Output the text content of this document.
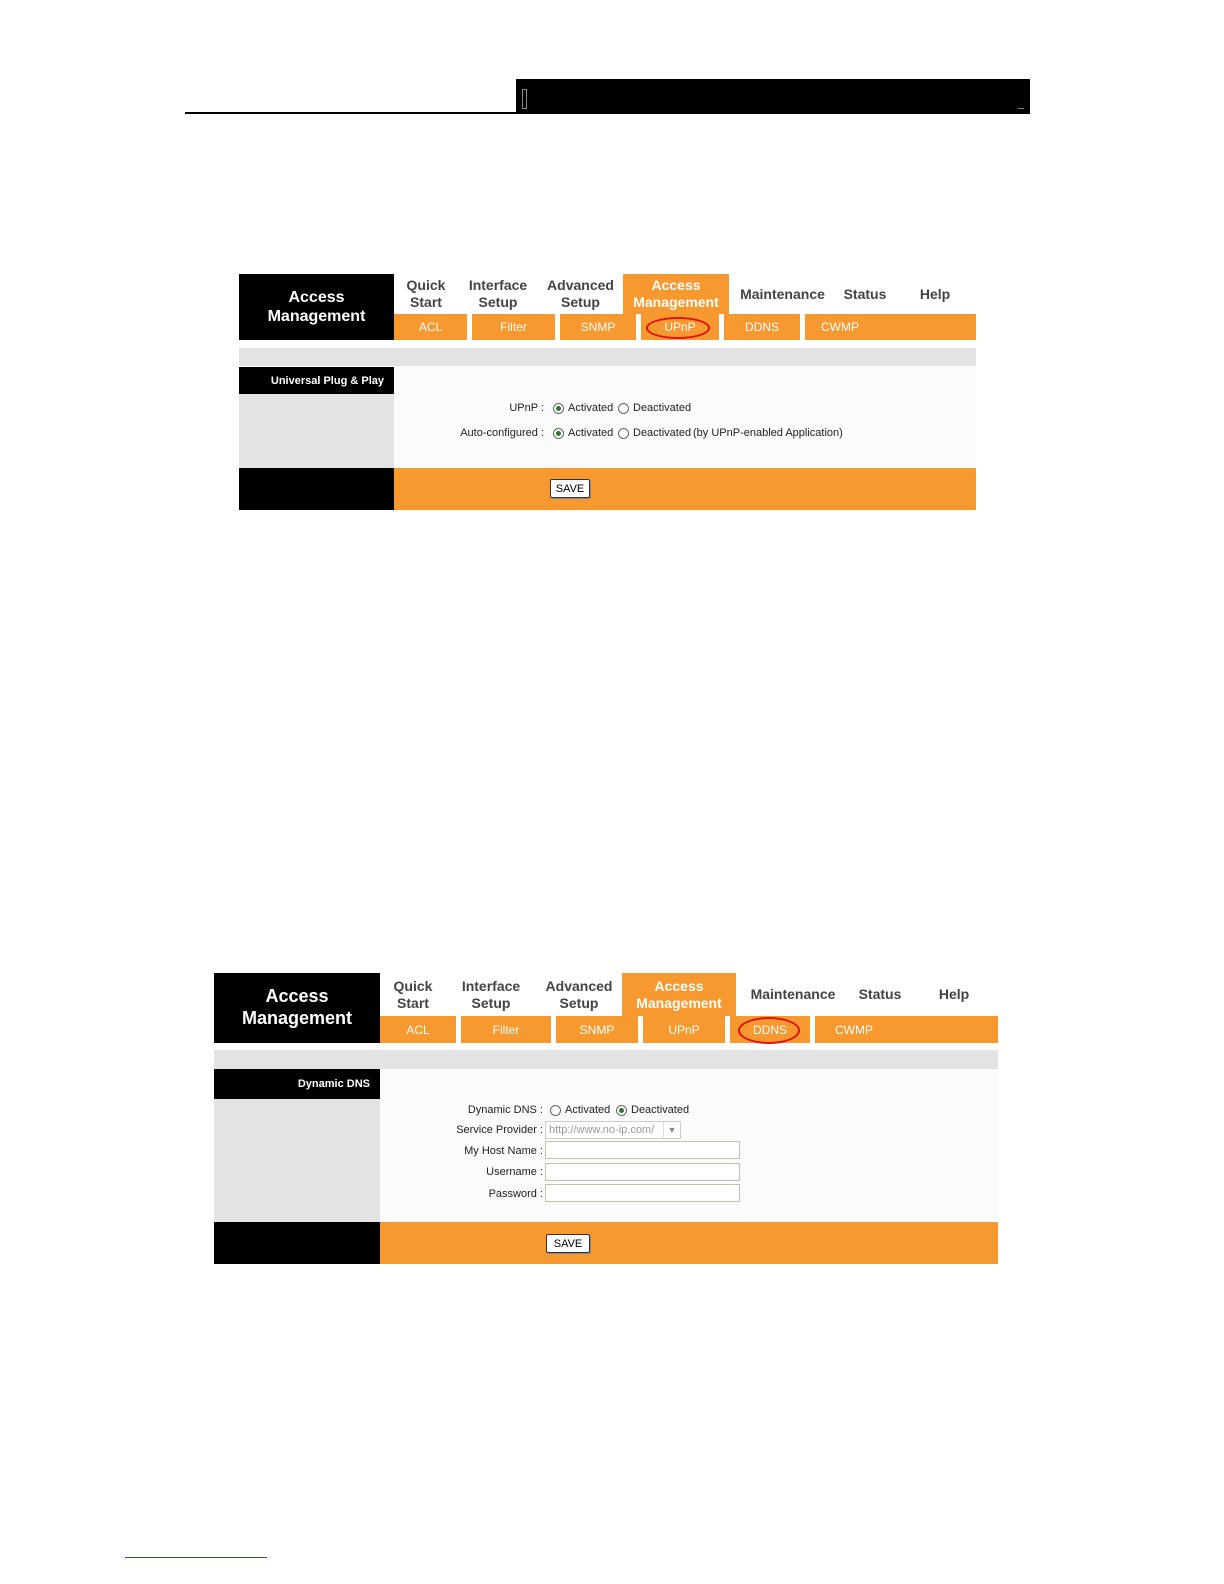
Access Management
Quick Start
Interface Setup
Advanced Setup
Access Management
Maintenance Status Help
ACL	Filter	SNMP	UPnP	DDNS	CWMP
Universal Plug & Play
UPnP : Activated Deactivated
Auto-configured : Activated Deactivated (by UPnP-enabled Application)
SAVE
Access Management
Quick Start
Interface Setup
Advanced Setup
Access Management
Maintenance Status	Help
ACL	Filter	SNMP	UPnP	DDNS	CWMP
Dynamic DNS
Dynamic DNS : Activated Deactivated
Service Provider : http://www.no-ip.com/	▼
My Host Name :
Username :
Password :
SAVE
